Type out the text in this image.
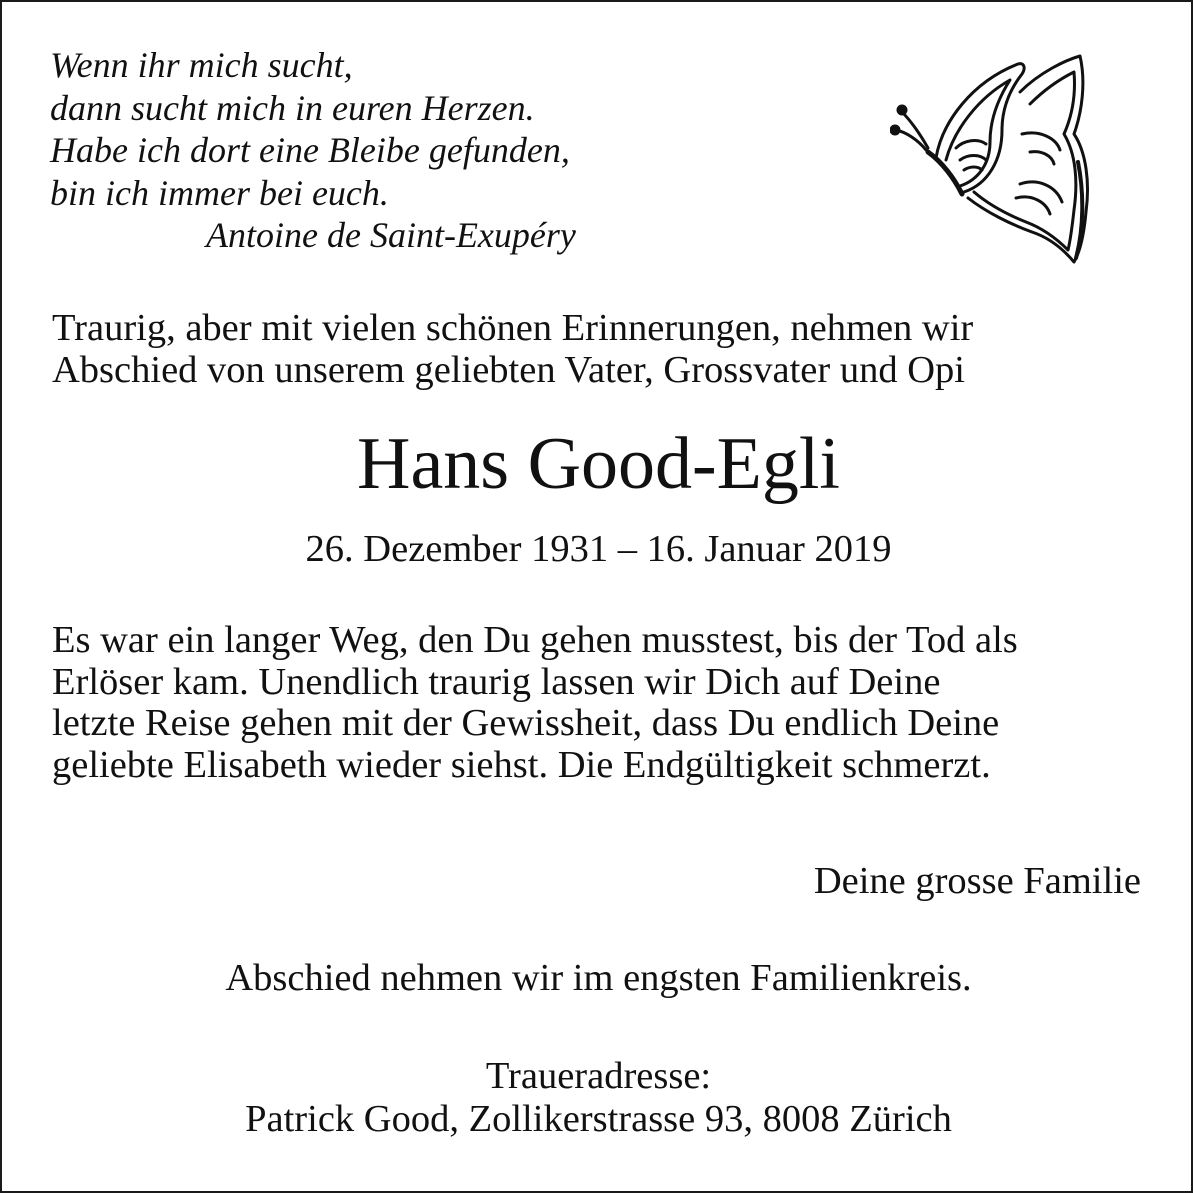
Wenn ihr mich sucht,
dann sucht mich in euren Herzen.
Habe ich dort eine Bleibe gefunden,
bin ich immer bei euch.
Antoine de Saint-Exupéry
Traurig, aber mit vielen schönen Erinnerungen, nehmen wir
Abschied von unserem geliebten Vater, Grossvater und Opi
Hans Good-Egli
26. Dezember 1931 – 16. Januar 2019
Es war ein langer Weg, den Du gehen musstest, bis der Tod als
Erlöser kam. Unendlich traurig lassen wir Dich auf Deine
letzte Reise gehen mit der Gewissheit, dass Du endlich Deine
geliebte Elisabeth wieder siehst. Die Endgültigkeit schmerzt.
Deine grosse Familie
Abschied nehmen wir im engsten Familienkreis.
Traueradresse:
Patrick Good, Zollikerstrasse 93, 8008 Zürich
